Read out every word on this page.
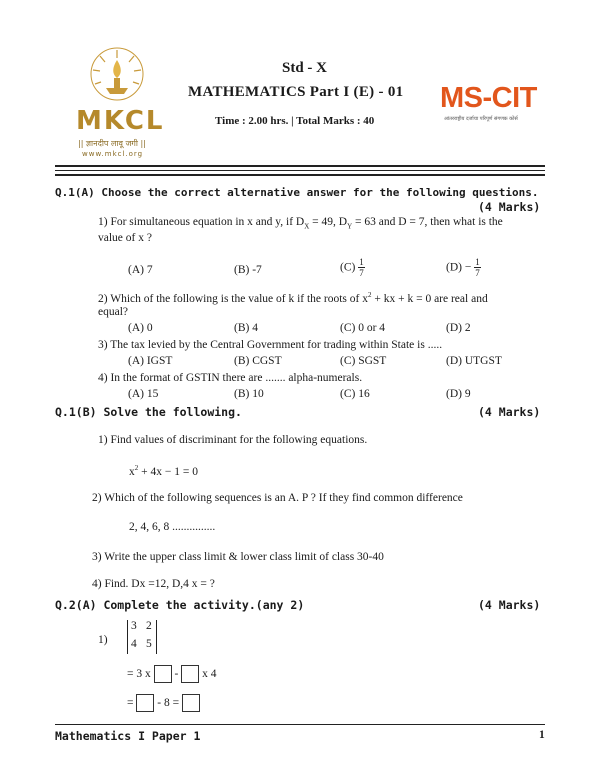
MKCL
|| ज्ञानदीप लावू जगी ||
www.mkcl.org
Std - X
MATHEMATICS Part I (E) - 01
Time : 2.00 hrs. | Total Marks : 40
MS-CIT
आंतरराष्ट्रीय दर्जाचा परिपूर्ण संगणक कोर्स
Q.1(A) Choose the correct alternative answer for the following questions.
(4 Marks)
1) For simultaneous equation in x and y, if $D_X = 49$, $D_Y = 63$ and D = 7, then what is the
value of x ?
(A) 7	(B) -7	$(C) \frac{1}{7}$	$(D) - \frac{1}{7}$
2) Which of the following is the value of k if the roots of $x^2$ + kx + k = 0 are real and
equal?
(A) 0	(B) 4	(C) 0 or 4	(D) 2
3) The tax levied by the Central Government for trading within State is .....
(A) IGST	(B) CGST	(C) SGST	(D) UTGST
4) In the format of GSTIN there are ....... alpha-numerals.
(A) 15	(B) 10	(C) 16	(D) 9
Q.1(B) Solve the following.	(4 Marks)
1) Find values of discriminant for the following equations.
$x^2 + 4x - 1 = 0$
2) Which of the following sequences is an A. P ? If they find common difference
2, 4, 6, 8 ...............
3) Write the upper class limit & lower class limit of class 30-40
4) Find. Dx =12, D,4 x = ?
Q.2(A) Complete the activity.(any 2)	(4 Marks)
1)
3 2
4 5
= 3 x - x 4
= - 8 =
Mathematics I Paper 1	1
